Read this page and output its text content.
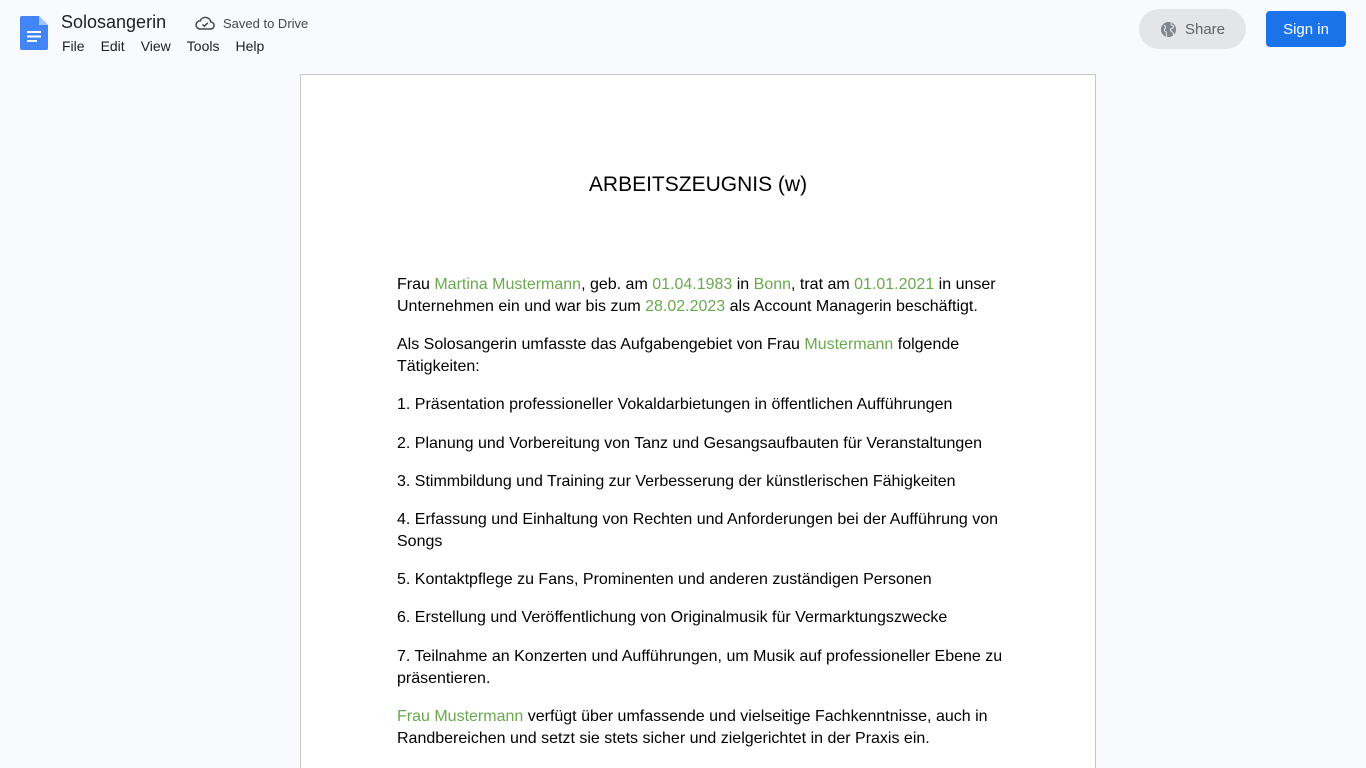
Solosangerin	Saved to Drive
File	Edit	View	Tools	Help
Share	Sign in
ARBEITSZEUGNIS (w)

Frau Martina Mustermann, geb. am 01.04.1983 in Bonn, trat am 01.01.2021 in unser Unternehmen ein und war bis zum 28.02.2023 als Account Managerin beschäftigt.

Als Solosangerin umfasste das Aufgabengebiet von Frau Mustermann folgende Tätigkeiten:

1. Präsentation professioneller Vokaldarbietungen in öffentlichen Aufführungen

2. Planung und Vorbereitung von Tanz und Gesangsaufbauten für Veranstaltungen

3. Stimmbildung und Training zur Verbesserung der künstlerischen Fähigkeiten

4. Erfassung und Einhaltung von Rechten und Anforderungen bei der Aufführung von Songs

5. Kontaktpflege zu Fans, Prominenten und anderen zuständigen Personen

6. Erstellung und Veröffentlichung von Originalmusik für Vermarktungszwecke

7. Teilnahme an Konzerten und Aufführungen, um Musik auf professioneller Ebene zu präsentieren.

Frau Mustermann verfügt über umfassende und vielseitige Fachkenntnisse, auch in Randbereichen und setzt sie stets sicher und zielgerichtet in der Praxis ein.
